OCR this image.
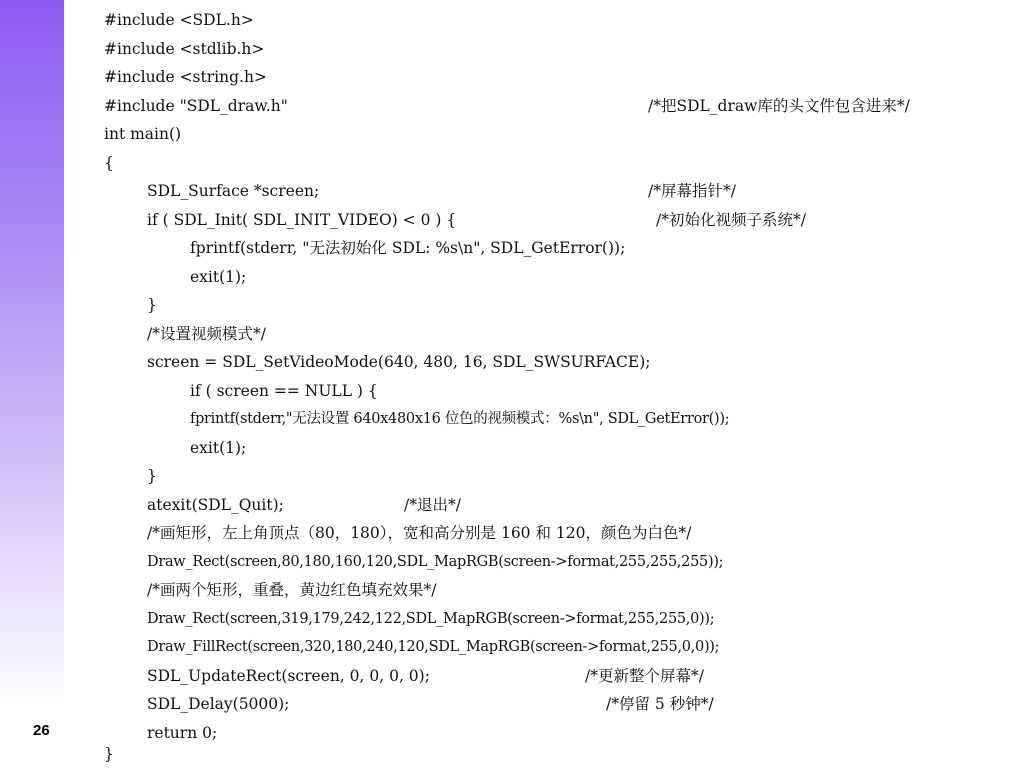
26
#include <SDL.h>
#include <stdlib.h>
#include <string.h>
#include "SDL_draw.h"	/*把SDL_draw库的头文件包含进来*/
int main()
{
SDL_Surface *screen;	/*屏幕指针*/
if ( SDL_Init( SDL_INIT_VIDEO) < 0 ) {	/*初始化视频子系统*/
fprintf(stderr, "无法初始化 SDL: %s\n", SDL_GetError());
exit(1);
}
/*设置视频模式*/
screen = SDL_SetVideoMode(640, 480, 16, SDL_SWSURFACE);
if ( screen == NULL ) {
fprintf(stderr,"无法设置 640x480x16 位色的视频模式：%s\n", SDL_GetError());
exit(1);
}
atexit(SDL_Quit);	/*退出*/
/*画矩形，左上角顶点（80，180），宽和高分别是 160 和 120，颜色为白色*/
Draw_Rect(screen,80,180,160,120,SDL_MapRGB(screen->format,255,255,255));
/*画两个矩形，重叠，黄边红色填充效果*/
Draw_Rect(screen,319,179,242,122,SDL_MapRGB(screen->format,255,255,0));
Draw_FillRect(screen,320,180,240,120,SDL_MapRGB(screen->format,255,0,0));
SDL_UpdateRect(screen, 0, 0, 0, 0);	/*更新整个屏幕*/
SDL_Delay(5000);	/*停留 5 秒钟*/
return 0;
}
